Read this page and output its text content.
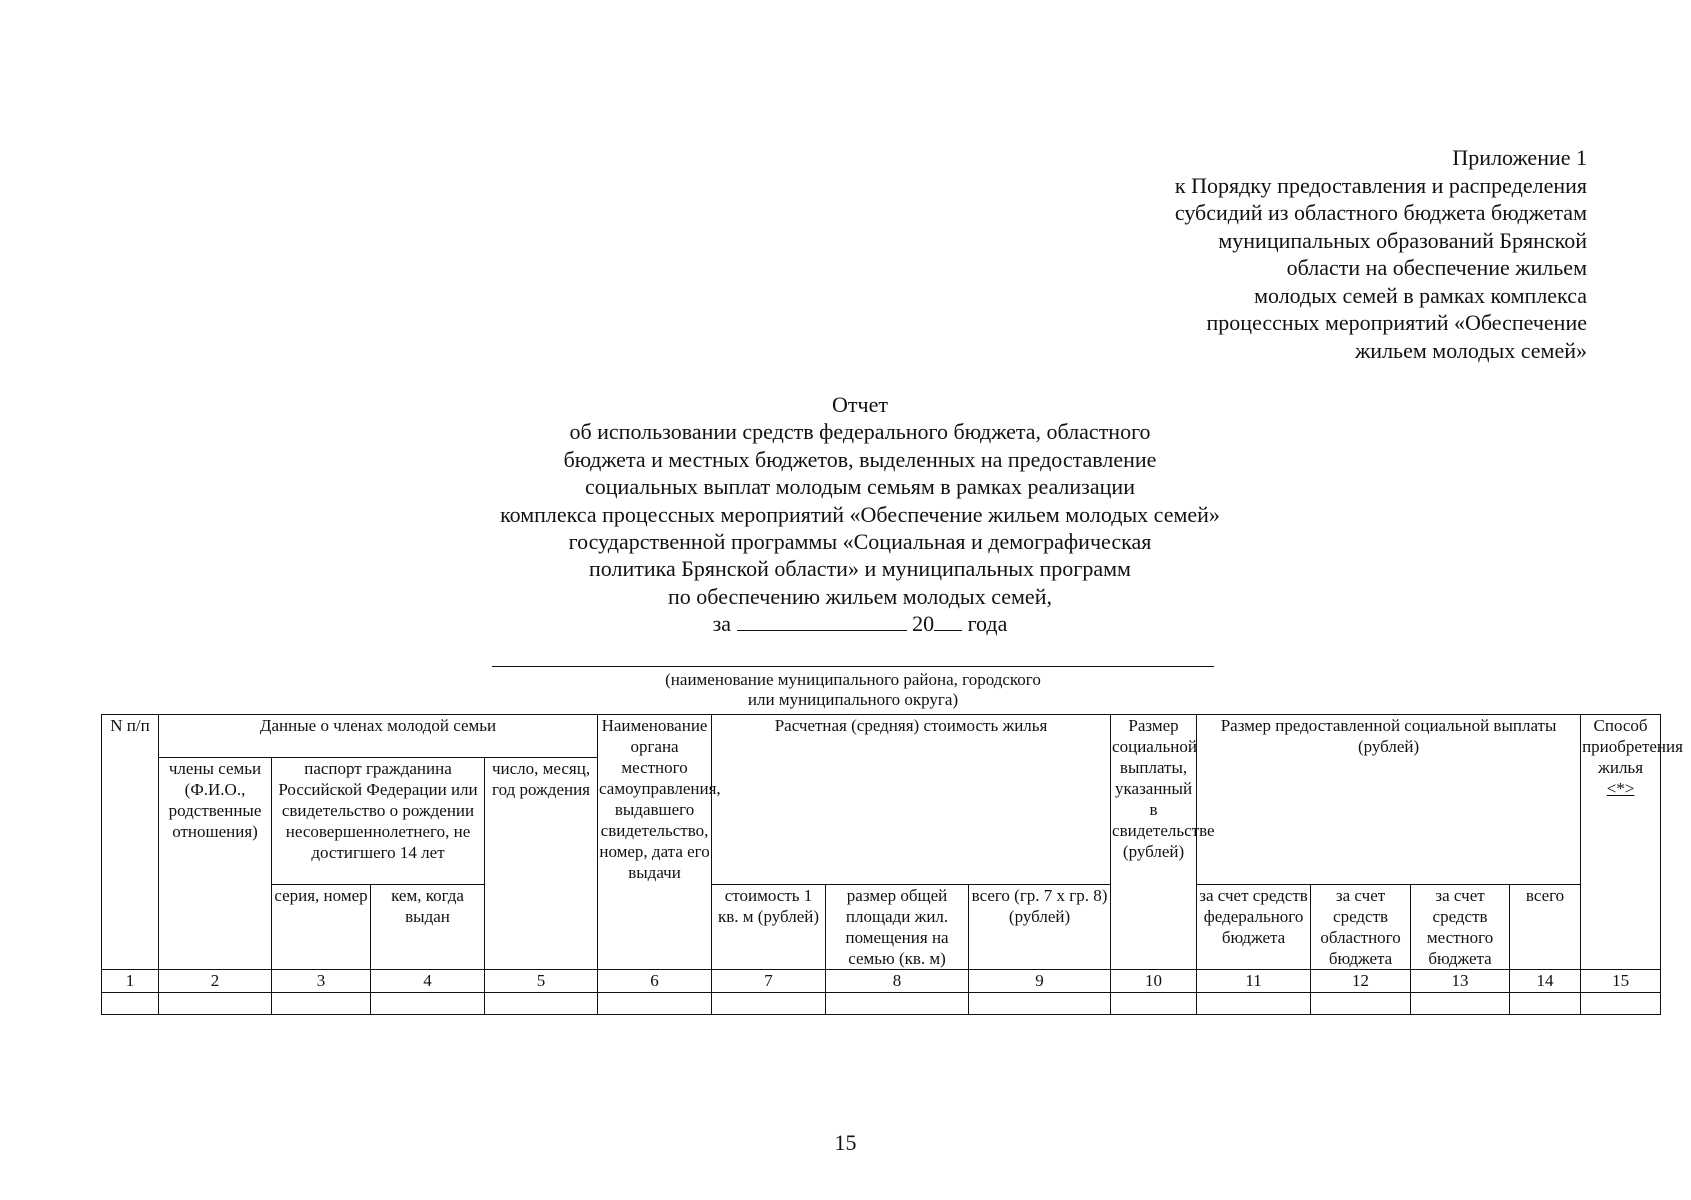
Приложение 1
к Порядку предоставления и распределения
субсидий из областного бюджета бюджетам
муниципальных образований Брянской
области на обеспечение жильем
молодых семей в рамках комплекса
процессных мероприятий «Обеспечение
жильем молодых семей»
Отчет
об использовании средств федерального бюджета, областного
бюджета и местных бюджетов, выделенных на предоставление
социальных выплат молодым семьям в рамках реализации
комплекса процессных мероприятий «Обеспечение жильем молодых семей»
государственной программы «Социальная и демографическая
политика Брянской области» и муниципальных программ
по обеспечению жильем молодых семей,
за	20 года
(наименование муниципального района, городского
или муниципального округа)
N п/п	Данные о членах молодой семьи				Наименование органа местного самоуправления, выдавшего свидетельство, номер, дата его выдачи	Расчетная (средняя) стоимость жилья			Размер социальной выплаты, указанный в свидетельстве (рублей)	Размер предоставленной социальной выплаты (рублей)				Способ приобретения жилья
<*>

	члены семьи (Ф.И.О., родственные отношения)	паспорт гражданина Российской Федерации или свидетельство о рождении несовершеннолетнего, не достигшего 14 лет		число, месяц, год рождения										
		серия, номер	кем, когда выдан			стоимость 1 кв. м (рублей)	размер общей площади жил. помещения на семью (кв. м)	всего (гр. 7 x гр. 8) (рублей)		за счет средств федерального бюджета	за счет средств областного бюджета	за счет средств местного бюджета	всего	
1	2	3	4	5	6	7	8	9	10	11	12	13	14	15

15
